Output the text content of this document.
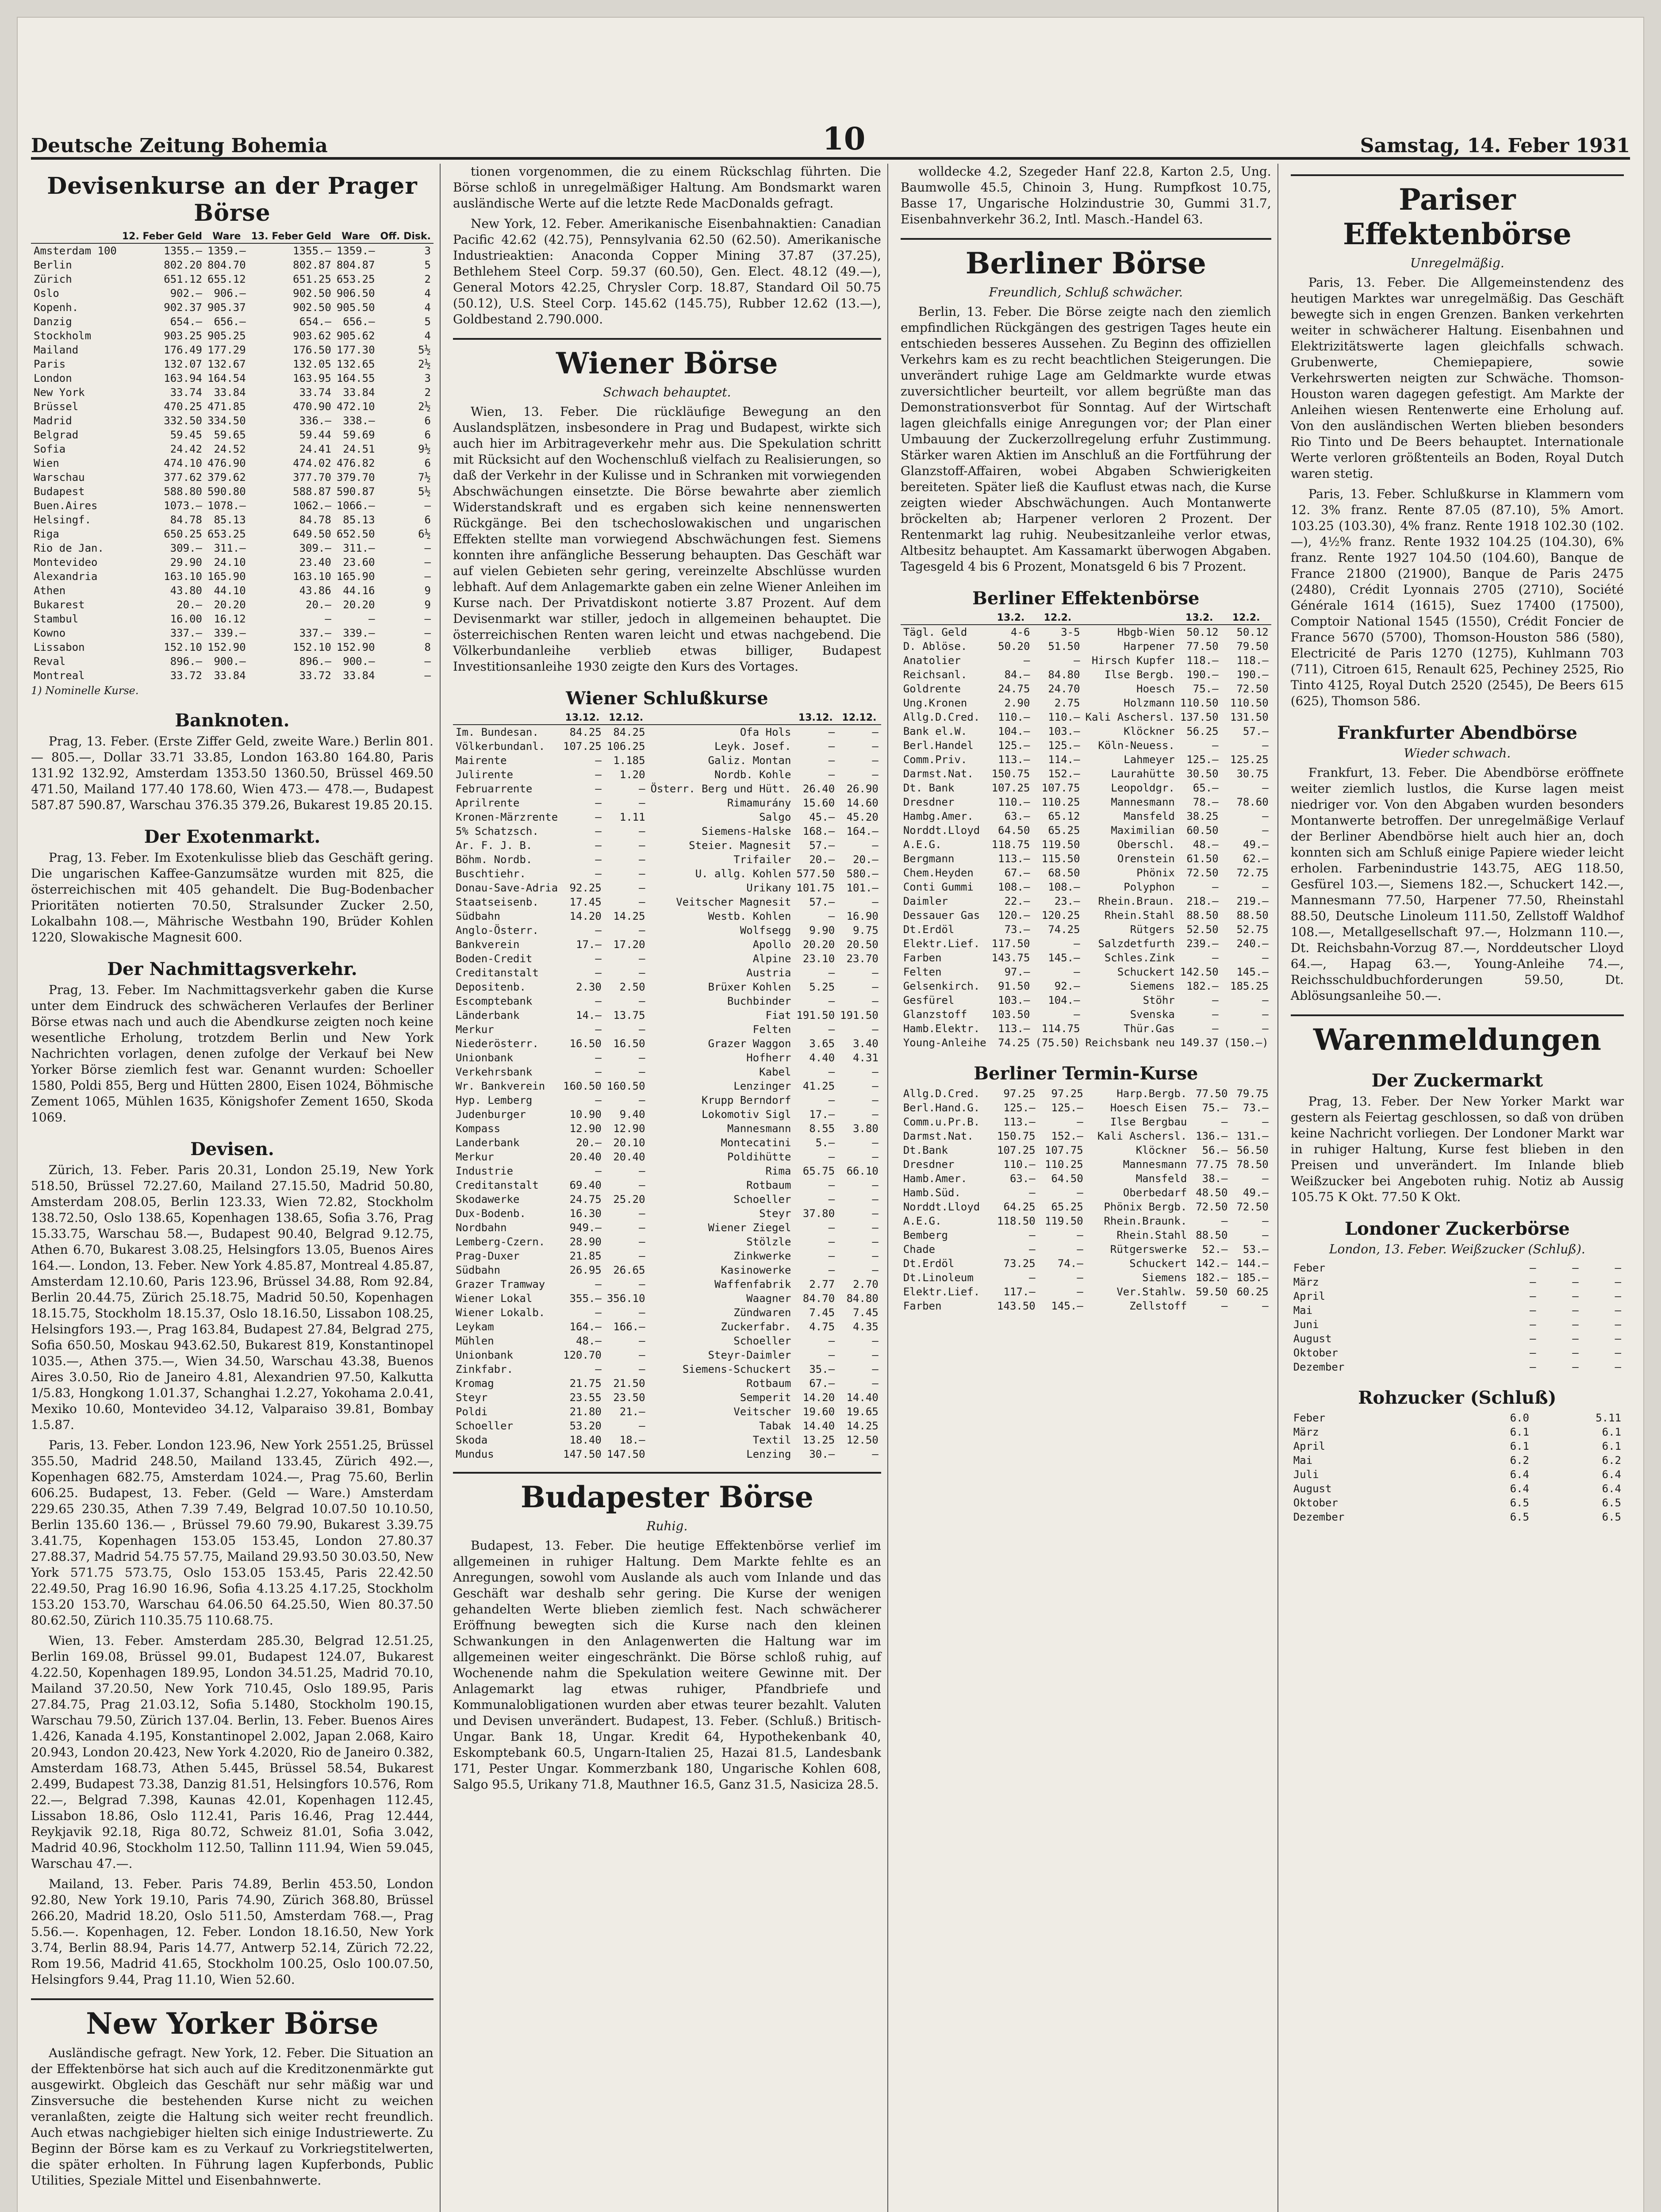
Deutsche Zeitung Bohemia	10	Samstag, 14. Feber 1931
Devisenkurse an der Prager Börse
	12. Feber Geld	Ware	13. Feber Geld	Ware	Off. Disk.
Amsterdam 100	1355.—	1359.—	1355.—	1359.—	3
Berlin	802.20	804.70	802.87	804.87	5
Zürich	651.12	655.12	651.25	653.25	2
Oslo	902.—	906.—	902.50	906.50	4
Kopenh.	902.37	905.37	902.50	905.50	4
Danzig	654.—	656.—	654.—	656.—	5
Stockholm	903.25	905.25	903.62	905.62	4
Mailand	176.49	177.29	176.50	177.30	5½
Paris	132.07	132.67	132.05	132.65	2½
London	163.94	164.54	163.95	164.55	3
New York	33.74	33.84	33.74	33.84	2
Brüssel	470.25	471.85	470.90	472.10	2½
Madrid	332.50	334.50	336.—	338.—	6
Belgrad	59.45	59.65	59.44	59.69	6
Sofia	24.42	24.52	24.41	24.51	9½
Wien	474.10	476.90	474.02	476.82	6
Warschau	377.62	379.62	377.70	379.70	7½
Budapest	588.80	590.80	588.87	590.87	5½
Buen.Aires	1073.—	1078.—	1062.—	1066.—	—
Helsingf.	84.78	85.13	84.78	85.13	6
Riga	650.25	653.25	649.50	652.50	6½
Rio de Jan.	309.—	311.—	309.—	311.—	—
Montevideo	29.90	24.10	23.40	23.60	—
Alexandria	163.10	165.90	163.10	165.90	—
Athen	43.80	44.10	43.86	44.16	9
Bukarest	20.—	20.20	20.—	20.20	9
Stambul	16.00	16.12	—	—	—
Kowno	337.—	339.—	337.—	339.—	—
Lissabon	152.10	152.90	152.10	152.90	8
Reval	896.—	900.—	896.—	900.—	—
Montreal	33.72	33.84	33.72	33.84	—
1) Nominelle Kurse.
Banknoten.

Prag, 13. Feber. (Erste Ziffer Geld, zweite Ware.) Berlin 801.— 805.—, Dollar 33.71 33.85, London 163.80 164.80, Paris 131.92 132.92, Amsterdam 1353.50 1360.50, Brüssel 469.50 471.50, Mailand 177.40 178.60, Wien 473.— 478.—, Budapest 587.87 590.87, Warschau 376.35 379.26, Bukarest 19.85 20.15.

Der Exotenmarkt.

Prag, 13. Feber. Im Exotenkulisse blieb das Geschäft gering. Die ungarischen Kaffee-Ganzumsätze wurden mit 825, die österreichischen mit 405 gehandelt. Die Bug-Bodenbacher Prioritäten notierten 70.50, Stralsunder Zucker 2.50, Lokalbahn 108.—, Mährische Westbahn 190, Brüder Kohlen 1220, Slowakische Magnesit 600.

Der Nachmittagsverkehr.

Prag, 13. Feber. Im Nachmittagsverkehr gaben die Kurse unter dem Eindruck des schwächeren Verlaufes der Berliner Börse etwas nach und auch die Abendkurse zeigten noch keine wesentliche Erholung, trotzdem Berlin und New York Nachrichten vorlagen, denen zufolge der Verkauf bei New Yorker Börse ziemlich fest war. Genannt wurden: Schoeller 1580, Poldi 855, Berg und Hütten 2800, Eisen 1024, Böhmische Zement 1065, Mühlen 1635, Königshofer Zement 1650, Skoda 1069.

Devisen.

Zürich, 13. Feber. Paris 20.31, London 25.19, New York 518.50, Brüssel 72.27.60, Mailand 27.15.50, Madrid 50.80, Amsterdam 208.05, Berlin 123.33, Wien 72.82, Stockholm 138.72.50, Oslo 138.65, Kopenhagen 138.65, Sofia 3.76, Prag 15.33.75, Warschau 58.—, Budapest 90.40, Belgrad 9.12.75, Athen 6.70, Bukarest 3.08.25, Helsingfors 13.05, Buenos Aires 164.—. London, 13. Feber. New York 4.85.87, Montreal 4.85.87, Amsterdam 12.10.60, Paris 123.96, Brüssel 34.88, Rom 92.84, Berlin 20.44.75, Zürich 25.18.75, Madrid 50.50, Kopenhagen 18.15.75, Stockholm 18.15.37, Oslo 18.16.50, Lissabon 108.25, Helsingfors 193.—, Prag 163.84, Budapest 27.84, Belgrad 275, Sofia 650.50, Moskau 943.62.50, Bukarest 819, Konstantinopel 1035.—, Athen 375.—, Wien 34.50, Warschau 43.38, Buenos Aires 3.0.50, Rio de Janeiro 4.81, Alexandrien 97.50, Kalkutta 1/5.83, Hongkong 1.01.37, Schanghai 1.2.27, Yokohama 2.0.41, Mexiko 10.60, Montevideo 34.12, Valparaiso 39.81, Bombay 1.5.87.

Paris, 13. Feber. London 123.96, New York 2551.25, Brüssel 355.50, Madrid 248.50, Mailand 133.45, Zürich 492.—, Kopenhagen 682.75, Amsterdam 1024.—, Prag 75.60, Berlin 606.25. Budapest, 13. Feber. (Geld — Ware.) Amsterdam 229.65 230.35, Athen 7.39 7.49, Belgrad 10.07.50 10.10.50, Berlin 135.60 136.— , Brüssel 79.60 79.90, Bukarest 3.39.75 3.41.75, Kopenhagen 153.05 153.45, London 27.80.37 27.88.37, Madrid 54.75 57.75, Mailand 29.93.50 30.03.50, New York 571.75 573.75, Oslo 153.05 153.45, Paris 22.42.50 22.49.50, Prag 16.90 16.96, Sofia 4.13.25 4.17.25, Stockholm 153.20 153.70, Warschau 64.06.50 64.25.50, Wien 80.37.50 80.62.50, Zürich 110.35.75 110.68.75.

Wien, 13. Feber. Amsterdam 285.30, Belgrad 12.51.25, Berlin 169.08, Brüssel 99.01, Budapest 124.07, Bukarest 4.22.50, Kopenhagen 189.95, London 34.51.25, Madrid 70.10, Mailand 37.20.50, New York 710.45, Oslo 189.95, Paris 27.84.75, Prag 21.03.12, Sofia 5.1480, Stockholm 190.15, Warschau 79.50, Zürich 137.04. Berlin, 13. Feber. Buenos Aires 1.426, Kanada 4.195, Konstantinopel 2.002, Japan 2.068, Kairo 20.943, London 20.423, New York 4.2020, Rio de Janeiro 0.382, Amsterdam 168.73, Athen 5.445, Brüssel 58.54, Bukarest 2.499, Budapest 73.38, Danzig 81.51, Helsingfors 10.576, Rom 22.—, Belgrad 7.398, Kaunas 42.01, Kopenhagen 112.45, Lissabon 18.86, Oslo 112.41, Paris 16.46, Prag 12.444, Reykjavik 92.18, Riga 80.72, Schweiz 81.01, Sofia 3.042, Madrid 40.96, Stockholm 112.50, Tallinn 111.94, Wien 59.045, Warschau 47.—.

Mailand, 13. Feber. Paris 74.89, Berlin 453.50, London 92.80, New York 19.10, Paris 74.90, Zürich 368.80, Brüssel 266.20, Madrid 18.20, Oslo 511.50, Amsterdam 768.—, Prag 5.56.—. Kopenhagen, 12. Feber. London 18.16.50, New York 3.74, Berlin 88.94, Paris 14.77, Antwerp 52.14, Zürich 72.22, Rom 19.56, Madrid 41.65, Stockholm 100.25, Oslo 100.07.50, Helsingfors 9.44, Prag 11.10, Wien 52.60.

New Yorker Börse

Ausländische gefragt. New York, 12. Feber. Die Situation an der Effektenbörse hat sich auch auf die Kreditzonenmärkte gut ausgewirkt. Obgleich das Geschäft nur sehr mäßig war und Zinsversuche die bestehenden Kurse nicht zu weichen veranlaßten, zeigte die Haltung sich weiter recht freundlich. Auch etwas nachgiebiger hielten sich einige Industriewerte. Zu Beginn der Börse kam es zu Verkauf zu Vorkriegstitelwerten, die später erholten. In Führung lagen Kupferbonds, Public Utilities, Speziale Mittel und Eisenbahnwerte.

tionen vorgenommen, die zu einem Rückschlag führten. Die Börse schloß in unregelmäßiger Haltung. Am Bondsmarkt waren ausländische Werte auf die letzte Rede MacDonalds gefragt.

New York, 12. Feber. Amerikanische Eisenbahnaktien: Canadian Pacific 42.62 (42.75), Pennsylvania 62.50 (62.50). Amerikanische Industrieaktien: Anaconda Copper Mining 37.87 (37.25), Bethlehem Steel Corp. 59.37 (60.50), Gen. Elect. 48.12 (49.—), General Motors 42.25, Chrysler Corp. 18.87, Standard Oil 50.75 (50.12), U.S. Steel Corp. 145.62 (145.75), Rubber 12.62 (13.—), Goldbestand 2.790.000.

Wiener Börse
Schwach behauptet.

Wien, 13. Feber. Die rückläufige Bewegung an den Auslandsplätzen, insbesondere in Prag und Budapest, wirkte sich auch hier im Arbitrageverkehr mehr aus. Die Spekulation schritt mit Rücksicht auf den Wochenschluß vielfach zu Realisierungen, so daß der Verkehr in der Kulisse und in Schranken mit vorwiegenden Abschwächungen einsetzte. Die Börse bewahrte aber ziemlich Widerstandskraft und es ergaben sich keine nennenswerten Rückgänge. Bei den tschechoslowakischen und ungarischen Effekten stellte man vorwiegend Abschwächungen fest. Siemens konnten ihre anfängliche Besserung behaupten. Das Geschäft war auf vielen Gebieten sehr gering, vereinzelte Abschlüsse wurden lebhaft. Auf dem Anlagemarkte gaben ein zelne Wiener Anleihen im Kurse nach. Der Privatdiskont notierte 3.87 Prozent. Auf dem Devisenmarkt war stiller, jedoch in allgemeinen behauptet. Die österreichischen Renten waren leicht und etwas nachgebend. Die Völkerbundanleihe verblieb etwas billiger, Budapest Investitionsanleihe 1930 zeigte den Kurs des Vortages.

Wiener Schlußkurse
	13.12.	12.12.		13.12.	12.12.
Im. Bundesan.	84.25	84.25	Ofa Hols	—	—
Völkerbundanl.	107.25	106.25	Leyk. Josef.	—	—
Mairente	—	1.185	Galiz. Montan	—	—
Julirente	—	1.20	Nordb. Kohle	—	—
Februarrente	—	—	Österr. Berg und Hütt.	26.40	26.90
Aprilrente	—	—	Rimamurány	15.60	14.60
Kronen-Märzrente	—	1.11	Salgo	45.—	45.20
5% Schatzsch.	—	—	Siemens-Halske	168.—	164.—
Ar. F. J. B.	—	—	Steier. Magnesit	57.—	—
Böhm. Nordb.	—	—	Trifailer	20.—	20.—
Buschtiehr.	—	—	U. allg. Kohlen	577.50	580.—
Donau-Save-Adria	92.25	—	Urikany	101.75	101.—
Staatseisenb.	17.45	—	Veitscher Magnesit	57.—	—
Südbahn	14.20	14.25	Westb. Kohlen	—	16.90
Anglo-Österr.	—	—	Wolfsegg	9.90	9.75
Bankverein	17.—	17.20	Apollo	20.20	20.50
Boden-Credit	—	—	Alpine	23.10	23.70
Creditanstalt	—	—	Austria	—	—
Depositenb.	2.30	2.50	Brüxer Kohlen	5.25	—
Escomptebank	—	—	Buchbinder	—	—
Länderbank	14.—	13.75	Fiat	191.50	191.50
Merkur	—	—	Felten	—	—
Niederösterr.	16.50	16.50	Grazer Waggon	3.65	3.40
Unionbank	—	—	Hofherr	4.40	4.31
Verkehrsbank	—	—	Kabel	—	—
Wr. Bankverein	160.50	160.50	Lenzinger	41.25	—
Hyp. Lemberg	—	—	Krupp Berndorf	—	—
Judenburger	10.90	9.40	Lokomotiv Sigl	17.—	—
Kompass	12.90	12.90	Mannesmann	8.55	3.80
Landerbank	20.—	20.10	Montecatini	5.—	—
Merkur	20.40	20.40	Poldihütte	—	—
Industrie	—	—	Rima	65.75	66.10
Creditanstalt	69.40	—	Rotbaum	—	—
Skodawerke	24.75	25.20	Schoeller	—	—
Dux-Bodenb.	16.30	—	Steyr	37.80	—
Nordbahn	949.—	—	Wiener Ziegel	—	—
Lemberg-Czern.	28.90	—	Stölzle	—	—
Prag-Duxer	21.85	—	Zinkwerke	—	—
Südbahn	26.95	26.65	Kasinowerke	—	—
Grazer Tramway	—	—	Waffenfabrik	2.77	2.70
Wiener Lokal	355.—	356.10	Waagner	84.70	84.80
Wiener Lokalb.	—	—	Zündwaren	7.45	7.45
Leykam	164.—	166.—	Zuckerfabr.	4.75	4.35
Mühlen	48.—	—	Schoeller	—	—
Unionbank	120.70	—	Steyr-Daimler	—	—
Zinkfabr.	—	—	Siemens-Schuckert	35.—	—
Kromag	21.75	21.50	Rotbaum	67.—	—
Steyr	23.55	23.50	Semperit	14.20	14.40
Poldi	21.80	21.—	Veitscher	19.60	19.65
Schoeller	53.20	—	Tabak	14.40	14.25
Skoda	18.40	18.—	Textil	13.25	12.50
Mundus	147.50	147.50	Lenzing	30.—	—
Budapester Börse
Ruhig.

Budapest, 13. Feber. Die heutige Effektenbörse verlief im allgemeinen in ruhiger Haltung. Dem Markte fehlte es an Anregungen, sowohl vom Auslande als auch vom Inlande und das Geschäft war deshalb sehr gering. Die Kurse der wenigen gehandelten Werte blieben ziemlich fest. Nach schwächerer Eröffnung bewegten sich die Kurse nach den kleinen Schwankungen in den Anlagenwerten die Haltung war im allgemeinen weiter eingeschränkt. Die Börse schloß ruhig, auf Wochenende nahm die Spekulation weitere Gewinne mit. Der Anlagemarkt lag etwas ruhiger, Pfandbriefe und Kommunalobligationen wurden aber etwas teurer bezahlt. Valuten und Devisen unverändert. Budapest, 13. Feber. (Schluß.) Britisch-Ungar. Bank 18, Ungar. Kredit 64, Hypothekenbank 40, Eskomptebank 60.5, Ungarn-Italien 25, Hazai 81.5, Landesbank 171, Pester Ungar. Kommerzbank 180, Ungarische Kohlen 608, Salgo 95.5, Urikany 71.8, Mauthner 16.5, Ganz 31.5, Nasiciza 28.5.

wolldecke 4.2, Szegeder Hanf 22.8, Karton 2.5, Ung. Baumwolle 45.5, Chinoin 3, Hung. Rumpfkost 10.75, Basse 17, Ungarische Holzindustrie 30, Gummi 31.7, Eisenbahnverkehr 36.2, Intl. Masch.-Handel 63.

Berliner Börse
Freundlich, Schluß schwächer.

Berlin, 13. Feber. Die Börse zeigte nach den ziemlich empfindlichen Rückgängen des gestrigen Tages heute ein entschieden besseres Aussehen. Zu Beginn des offiziellen Verkehrs kam es zu recht beachtlichen Steigerungen. Die unverändert ruhige Lage am Geldmarkte wurde etwas zuversichtlicher beurteilt, vor allem begrüßte man das Demonstrationsverbot für Sonntag. Auf der Wirtschaft lagen gleichfalls einige Anregungen vor; der Plan einer Umbauung der Zuckerzollregelung erfuhr Zustimmung. Stärker waren Aktien im Anschluß an die Fortführung der Glanzstoff-Affairen, wobei Abgaben Schwierigkeiten bereiteten. Später ließ die Kauflust etwas nach, die Kurse zeigten wieder Abschwächungen. Auch Montanwerte bröckelten ab; Harpener verloren 2 Prozent. Der Rentenmarkt lag ruhig. Neubesitzanleihe verlor etwas, Altbesitz behauptet. Am Kassamarkt überwogen Abgaben. Tagesgeld 4 bis 6 Prozent, Monatsgeld 6 bis 7 Prozent.

Berliner Effektenbörse
	13.2.	12.2.		13.2.	12.2.
Tägl. Geld	4-6	3-5	Hbgb-Wien	50.12	50.12
D. Ablöse.	50.20	51.50	Harpener	77.50	79.50
Anatolier	—	—	Hirsch Kupfer	118.—	118.—
Reichsanl.	84.—	84.80	Ilse Bergb.	190.—	190.—
Goldrente	24.75	24.70	Hoesch	75.—	72.50
Ung.Kronen	2.90	2.75	Holzmann	110.50	110.50
Allg.D.Cred.	110.—	110.—	Kali Aschersl.	137.50	131.50
Bank el.W.	104.—	103.—	Klöckner	56.25	57.—
Berl.Handel	125.—	125.—	Köln-Neuess.	—	—
Comm.Priv.	113.—	114.—	Lahmeyer	125.—	125.25
Darmst.Nat.	150.75	152.—	Laurahütte	30.50	30.75
Dt. Bank	107.25	107.75	Leopoldgr.	65.—	—
Dresdner	110.—	110.25	Mannesmann	78.—	78.60
Hambg.Amer.	63.—	65.12	Mansfeld	38.25	—
Norddt.Lloyd	64.50	65.25	Maximilian	60.50	—
A.E.G.	118.75	119.50	Oberschl.	48.—	49.—
Bergmann	113.—	115.50	Orenstein	61.50	62.—
Chem.Heyden	67.—	68.50	Phönix	72.50	72.75
Conti Gummi	108.—	108.—	Polyphon	—	—
Daimler	22.—	23.—	Rhein.Braun.	218.—	219.—
Dessauer Gas	120.—	120.25	Rhein.Stahl	88.50	88.50
Dt.Erdöl	73.—	74.25	Rütgers	52.50	52.75
Elektr.Lief.	117.50	—	Salzdetfurth	239.—	240.—
Farben	143.75	145.—	Schles.Zink	—	—
Felten	97.—	—	Schuckert	142.50	145.—
Gelsenkirch.	91.50	92.—	Siemens	182.—	185.25
Gesfürel	103.—	104.—	Stöhr	—	—
Glanzstoff	103.50	—	Svenska	—	—
Hamb.Elektr.	113.—	114.75	Thür.Gas	—	—
Young-Anleihe	74.25	(75.50)	Reichsbank neu	149.37	(150.—)
Berliner Termin-Kurse
Allg.D.Cred.	97.25	97.25	Harp.Bergb.	77.50	79.75
Berl.Hand.G.	125.—	125.—	Hoesch Eisen	75.—	73.—
Comm.u.Pr.B.	113.—	—	Ilse Bergbau	—	—
Darmst.Nat.	150.75	152.—	Kali Aschersl.	136.—	131.—
Dt.Bank	107.25	107.75	Klöckner	56.—	56.50
Dresdner	110.—	110.25	Mannesmann	77.75	78.50
Hamb.Amer.	63.—	64.50	Mansfeld	38.—	—
Hamb.Süd.	—	—	Oberbedarf	48.50	49.—
Norddt.Lloyd	64.25	65.25	Phönix Bergb.	72.50	72.50
A.E.G.	118.50	119.50	Rhein.Braunk.	—	—
Bemberg	—	—	Rhein.Stahl	88.50	—
Chade	—	—	Rütgerswerke	52.—	53.—
Dt.Erdöl	73.25	74.—	Schuckert	142.—	144.—
Dt.Linoleum	—	—	Siemens	182.—	185.—
Elektr.Lief.	117.—	—	Ver.Stahlw.	59.50	60.25
Farben	143.50	145.—	Zellstoff	—	—
Pariser Effektenbörse
Unregelmäßig.

Paris, 13. Feber. Die Allgemeinstendenz des heutigen Marktes war unregelmäßig. Das Geschäft bewegte sich in engen Grenzen. Banken verkehrten weiter in schwächerer Haltung. Eisenbahnen und Elektrizitätswerte lagen gleichfalls schwach. Grubenwerte, Chemiepapiere, sowie Verkehrswerten neigten zur Schwäche. Thomson-Houston waren dagegen gefestigt. Am Markte der Anleihen wiesen Rentenwerte eine Erholung auf. Von den ausländischen Werten blieben besonders Rio Tinto und De Beers behauptet. Internationale Werte verloren größtenteils an Boden, Royal Dutch waren stetig.

Paris, 13. Feber. Schlußkurse in Klammern vom 12. 3% franz. Rente 87.05 (87.10), 5% Amort. 103.25 (103.30), 4% franz. Rente 1918 102.30 (102.—), 4½% franz. Rente 1932 104.25 (104.30), 6% franz. Rente 1927 104.50 (104.60), Banque de France 21800 (21900), Banque de Paris 2475 (2480), Crédit Lyonnais 2705 (2710), Société Générale 1614 (1615), Suez 17400 (17500), Comptoir National 1545 (1550), Crédit Foncier de France 5670 (5700), Thomson-Houston 586 (580), Electricité de Paris 1270 (1275), Kuhlmann 703 (711), Citroen 615, Renault 625, Pechiney 2525, Rio Tinto 4125, Royal Dutch 2520 (2545), De Beers 615 (625), Thomson 586.

Frankfurter Abendbörse
Wieder schwach.

Frankfurt, 13. Feber. Die Abendbörse eröffnete weiter ziemlich lustlos, die Kurse lagen meist niedriger vor. Von den Abgaben wurden besonders Montanwerte betroffen. Der unregelmäßige Verlauf der Berliner Abendbörse hielt auch hier an, doch konnten sich am Schluß einige Papiere wieder leicht erholen. Farbenindustrie 143.75, AEG 118.50, Gesfürel 103.—, Siemens 182.—, Schuckert 142.—, Mannesmann 77.50, Harpener 77.50, Rheinstahl 88.50, Deutsche Linoleum 111.50, Zellstoff Waldhof 108.—, Metallgesellschaft 97.—, Holzmann 110.—, Dt. Reichsbahn-Vorzug 87.—, Norddeutscher Lloyd 64.—, Hapag 63.—, Young-Anleihe 74.—, Reichsschuldbuchforderungen 59.50, Dt. Ablösungsanleihe 50.—.

Warenmeldungen
Der Zuckermarkt

Prag, 13. Feber. Der New Yorker Markt war gestern als Feiertag geschlossen, so daß von drüben keine Nachricht vorliegen. Der Londoner Markt war in ruhiger Haltung, Kurse fest blieben in den Preisen und unverändert. Im Inlande blieb Weißzucker bei Angeboten ruhig. Notiz ab Aussig 105.75 K Okt. 77.50 K Okt.

Londoner Zuckerbörse
London, 13. Feber. Weißzucker (Schluß).
Feber	—	—	—
März	—	—	—
April	—	—	—
Mai	—	—	—
Juni	—	—	—
August	—	—	—
Oktober	—	—	—
Dezember	—	—	—
Rohzucker (Schluß)
Feber	6.0	5.11
März	6.1	6.1
April	6.1	6.1
Mai	6.2	6.2
Juli	6.4	6.4
August	6.4	6.4
Oktober	6.5	6.5
Dezember	6.5	6.5
